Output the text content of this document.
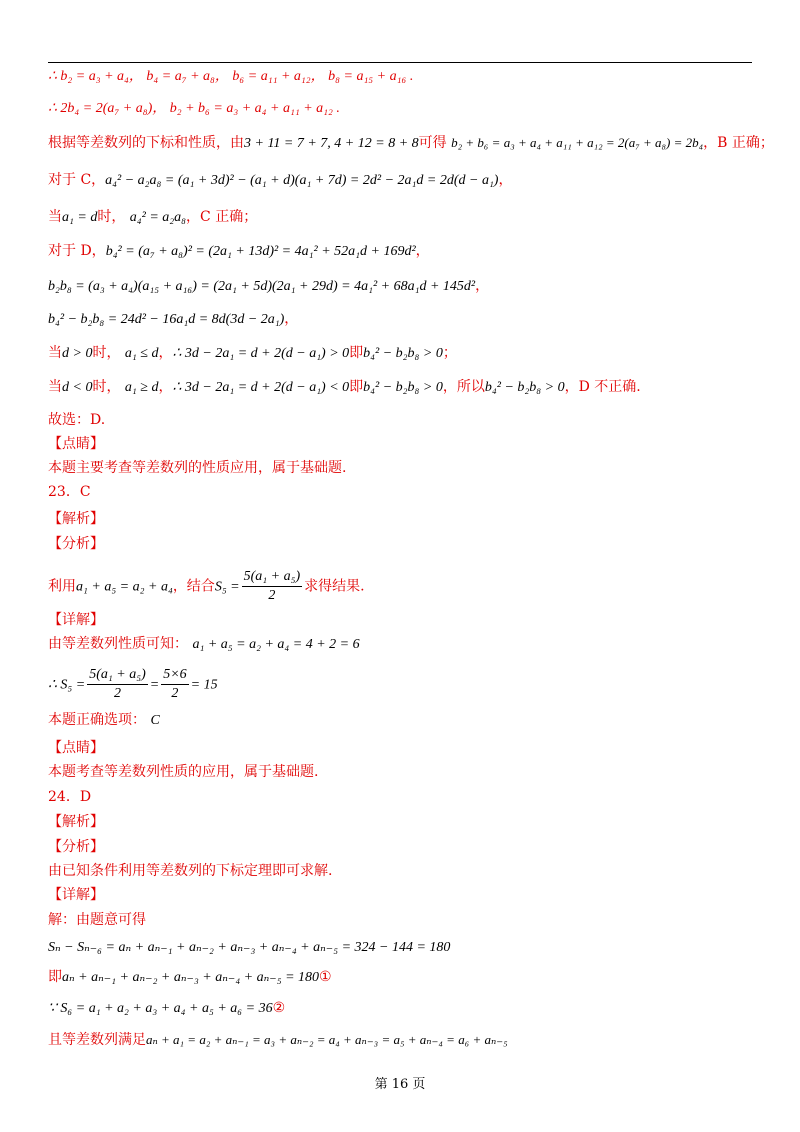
∴ b₂ = a₃ + a₄， b₄ = a₇ + a₈， b₆ = a₁₁ + a₁₂， b₈ = a₁₅ + a₁₆ .
∴ 2b₄ = 2(a₇ + a₈)， b₂ + b₆ = a₃ + a₄ + a₁₁ + a₁₂ .
根据等差数列的下标和性质，由3 + 11 = 7 + 7, 4 + 12 = 8 + 8可得 b₂ + b₆ = a₃ + a₄ + a₁₁ + a₁₂ = 2(a₇ + a₈) = 2b₄，B 正确；
对于 C，a₄² − a₂a₈ = (a₁ + 3d)² − (a₁ + d)(a₁ + 7d) = 2d² − 2a₁d = 2d(d − a₁)，
当a₁ = d时， a₄² = a₂a₈，C 正确；
对于 D，b₄² = (a₇ + a₈)² = (2a₁ + 13d)² = 4a₁² + 52a₁d + 169d²，
b₂b₈ = (a₃ + a₄)(a₁₅ + a₁₆) = (2a₁ + 5d)(2a₁ + 29d) = 4a₁² + 68a₁d + 145d²，
b₄² − b₂b₈ = 24d² − 16a₁d = 8d(3d − 2a₁)，
当d > 0时， a₁ ≤ d，∴ 3d − 2a₁ = d + 2(d − a₁) > 0即b₄² − b₂b₈ > 0；
当d < 0时， a₁ ≥ d，∴ 3d − 2a₁ = d + 2(d − a₁) < 0即b₄² − b₂b₈ > 0，所以b₄² − b₂b₈ > 0，D 不正确.
故选：D.
【点睛】
本题主要考查等差数列的性质应用，属于基础题.
23．C
【解析】
【分析】
利用a₁ + a₅ = a₂ + a₄，结合$S_5 = \frac{\text{5(a₁ + a₅)}}{2}$ 求得结果.
【详解】
由等差数列性质可知： a₁ + a₅ = a₂ + a₄ = 4 + 2 = 6
∴ $S_5 = \frac{\text{5(a₁ + a₅)}}{2} = \frac{5\times 6}{2} = 15$
本题正确选项： C
【点睛】
本题考查等差数列性质的应用，属于基础题.
24．D
【解析】
【分析】
由已知条件利用等差数列的下标定理即可求解.
【详解】
解：由题意可得
Sₙ − Sₙ₋₆ = aₙ + aₙ₋₁ + aₙ₋₂ + aₙ₋₃ + aₙ₋₄ + aₙ₋₅ = 324 − 144 = 180
即aₙ + aₙ₋₁ + aₙ₋₂ + aₙ₋₃ + aₙ₋₄ + aₙ₋₅ = 180①
∵ S₆ = a₁ + a₂ + a₃ + a₄ + a₅ + a₆ = 36②
且等差数列满足aₙ + a₁ = a₂ + aₙ₋₁ = a₃ + aₙ₋₂ = a₄ + aₙ₋₃ = a₅ + aₙ₋₄ = a₆ + aₙ₋₅
第 16 页
